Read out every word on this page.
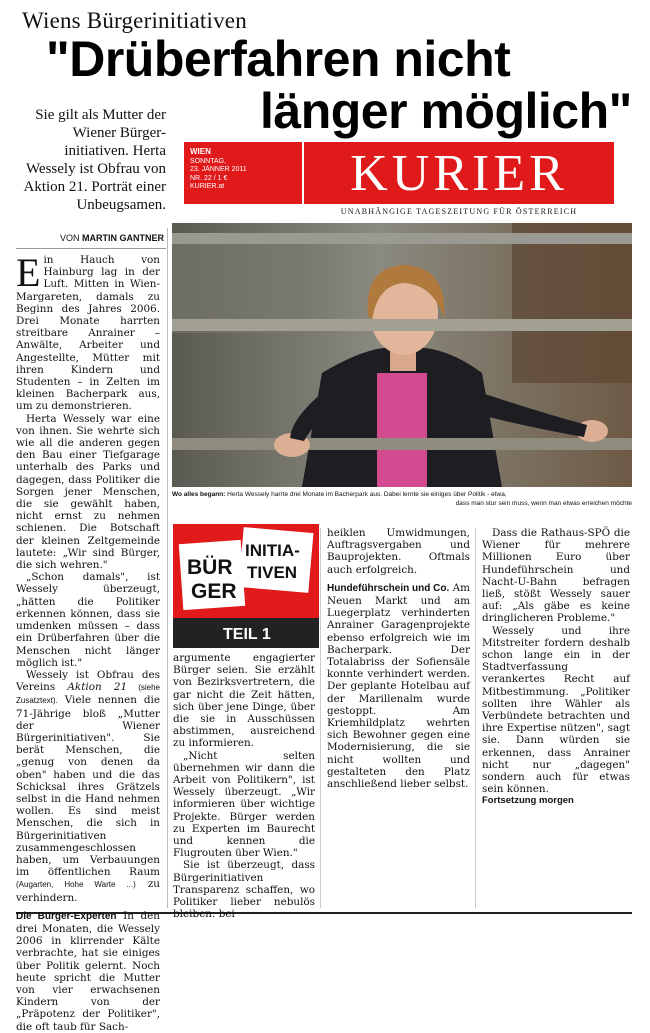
Wiens Bürgerinitiativen
"Drüberfahren nicht
länger möglich"
Sie gilt als Mutter der Wiener Bürger-initiativen. Herta Wessely ist Obfrau von Aktion 21. Porträt einer Unbeugsamen.
WIEN
SONNTAG,
23. JÄNNER 2011
NR. 22 / 1 €
KURIER.at	KURIER
UNABHÄNGIGE TAGESZEITUNG FÜR ÖSTERREICH
VON MARTIN GANTNER
Wo alles begann: Herta Wessely harrte drei Monate im Bacherpark aus. Dabei lernte sie einiges über Politik - etwa,
dass man stur sein muss, wenn man etwas erreichen möchte
BÜR
GER
INITIA-
TIVEN
TEIL 1

Ein Hauch von Hainburg lag in der Luft. Mitten in Wien-Margareten, damals zu Beginn des Jahres 2006. Drei Monate harrten streitbare Anrainer – Anwälte, Arbeiter und Angestellte, Mütter mit ihren Kindern und Studenten – in Zelten im kleinen Bacherpark aus, um zu demonstrieren.

Herta Wessely war eine von ihnen. Sie wehrte sich wie all die anderen gegen den Bau einer Tiefgarage unterhalb des Parks und dagegen, dass Politiker die Sorgen jener Menschen, die sie gewählt haben, nicht ernst zu nehmen schienen. Die Botschaft der kleinen Zeltgemeinde lautete: „Wir sind Bürger, die sich wehren."

„Schon damals", ist Wessely überzeugt, „hätten die Politiker erkennen können, dass sie umdenken müssen – dass ein Drüberfahren über die Menschen nicht länger möglich ist."

Wessely ist Obfrau des Vereins Aktion 21 (siehe Zusatztext). Viele nennen die 71-Jährige bloß „Mutter der Wiener Bürgerinitiativen". Sie berät Menschen, die „genug von denen da oben" haben und die das Schicksal ihres Grätzels selbst in die Hand nehmen wollen. Es sind meist Menschen, die sich in Bürgerinitiativen zusammengeschlossen haben, um Verbauungen im öffentlichen Raum (Augarten, Hohe Warte ...) zu verhindern.

Die Bürger-Experten In den drei Monaten, die Wessely 2006 in klirrender Kälte verbrachte, hat sie einiges über Politik gelernt. Noch heute spricht die Mutter von vier erwachsenen Kindern von der „Präpotenz der Politiker", die oft taub für Sach-

argumente engagierter Bürger seien. Sie erzählt von Bezirksvertretern, die gar nicht die Zeit hätten, sich über jene Dinge, über die sie in Ausschüssen abstimmen, ausreichend zu informieren.

„Nicht selten übernehmen wir dann die Arbeit von Politikern", ist Wessely überzeugt. „Wir informieren über wichtige Projekte. Bürger werden zu Experten im Baurecht und kennen die Flugrouten über Wien."

Sie ist überzeugt, dass Bürgerinitiativen Transparenz schaffen, wo Politiker lieber nebulös bleiben: bei

heiklen Umwidmungen, Auftragsvergaben und Bauprojekten. Oftmals auch erfolgreich.

Hundeführschein und Co. Am Neuen Markt und am Luegerplatz verhinderten Anrainer Garagenprojekte ebenso erfolgreich wie im Bacherpark. Der Totalabriss der Sofiensäle konnte verhindert werden. Der geplante Hotelbau auf der Marillenalm wurde gestoppt. Am Kriemhildplatz wehrten sich Bewohner gegen eine Modernisierung, die sie nicht wollten und gestalteten den Platz anschließend lieber selbst.

Dass die Rathaus-SPÖ die Wiener für mehrere Millionen Euro über Hundeführschein und Nacht-U-Bahn befragen ließ, stößt Wessely sauer auf: „Als gäbe es keine dringlicheren Probleme."

Wessely und ihre Mitstreiter fordern deshalb schon lange ein in der Stadtverfassung verankertes Recht auf Mitbestimmung. „Politiker sollten ihre Wähler als Verbündete betrachten und ihre Expertise nützen", sagt sie. Dann würden sie erkennen, dass Anrainer nicht nur „dagegen" sondern auch für etwas sein können.

Fortsetzung morgen
